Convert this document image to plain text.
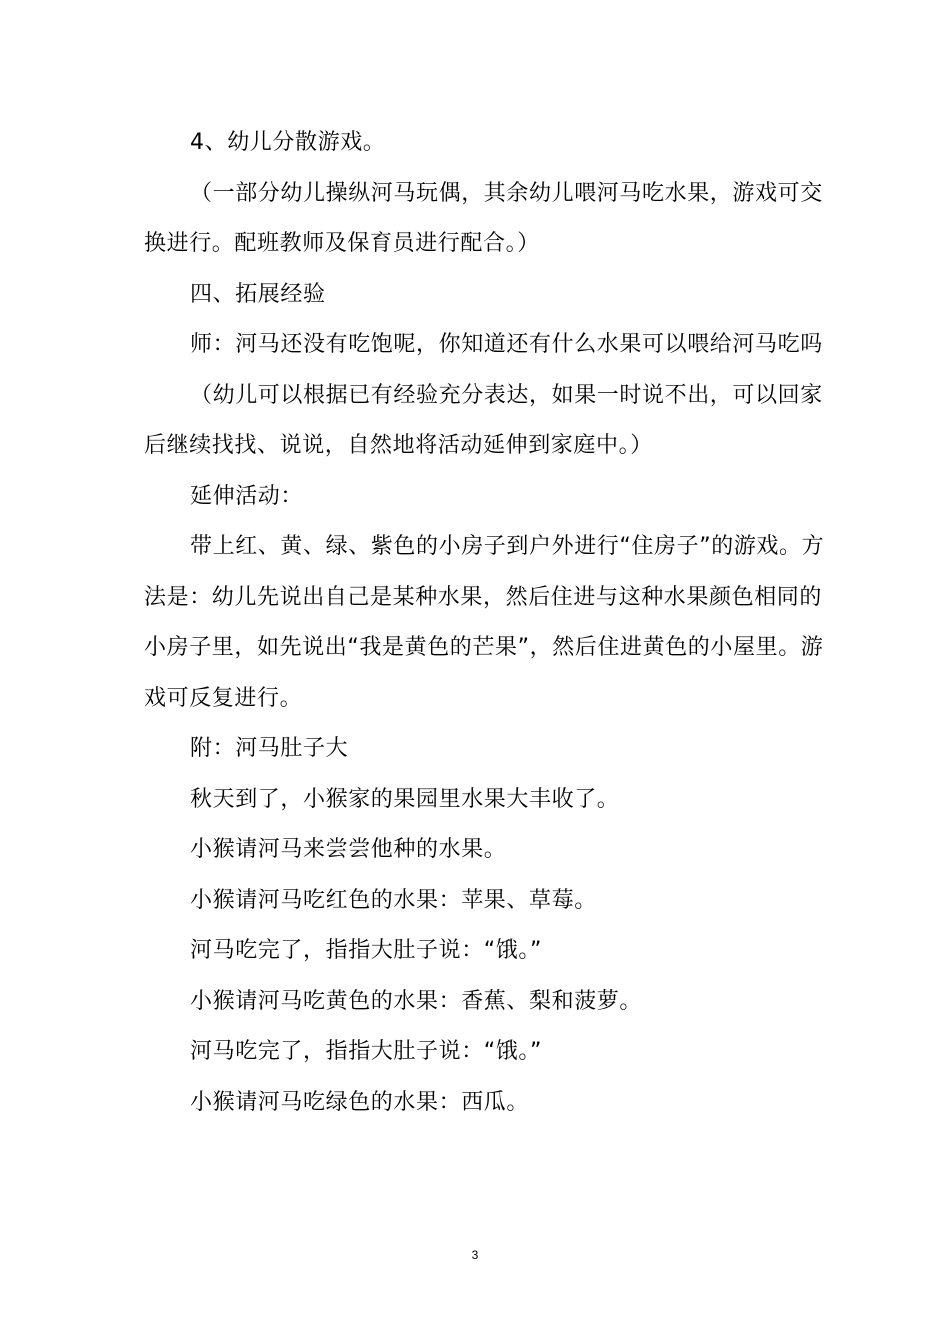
4、幼儿分散游戏。

（一部分幼儿操纵河马玩偶，其余幼儿喂河马吃水果，游戏可交换进行。配班教师及保育员进行配合。）

四、拓展经验

师：河马还没有吃饱呢，你知道还有什么水果可以喂给河马吃吗

（幼儿可以根据已有经验充分表达，如果一时说不出，可以回家后继续找找、说说，自然地将活动延伸到家庭中。）

延伸活动：

带上红、黄、绿、紫色的小房子到户外进行“住房子”的游戏。方法是：幼儿先说出自己是某种水果，然后住进与这种水果颜色相同的小房子里，如先说出“我是黄色的芒果”，然后住进黄色的小屋里。游戏可反复进行。

附：河马肚子大

秋天到了，小猴家的果园里水果大丰收了。

小猴请河马来尝尝他种的水果。

小猴请河马吃红色的水果：苹果、草莓。

河马吃完了，指指大肚子说：“饿。”

小猴请河马吃黄色的水果：香蕉、梨和菠萝。

河马吃完了，指指大肚子说：“饿。”

小猴请河马吃绿色的水果：西瓜。

3
